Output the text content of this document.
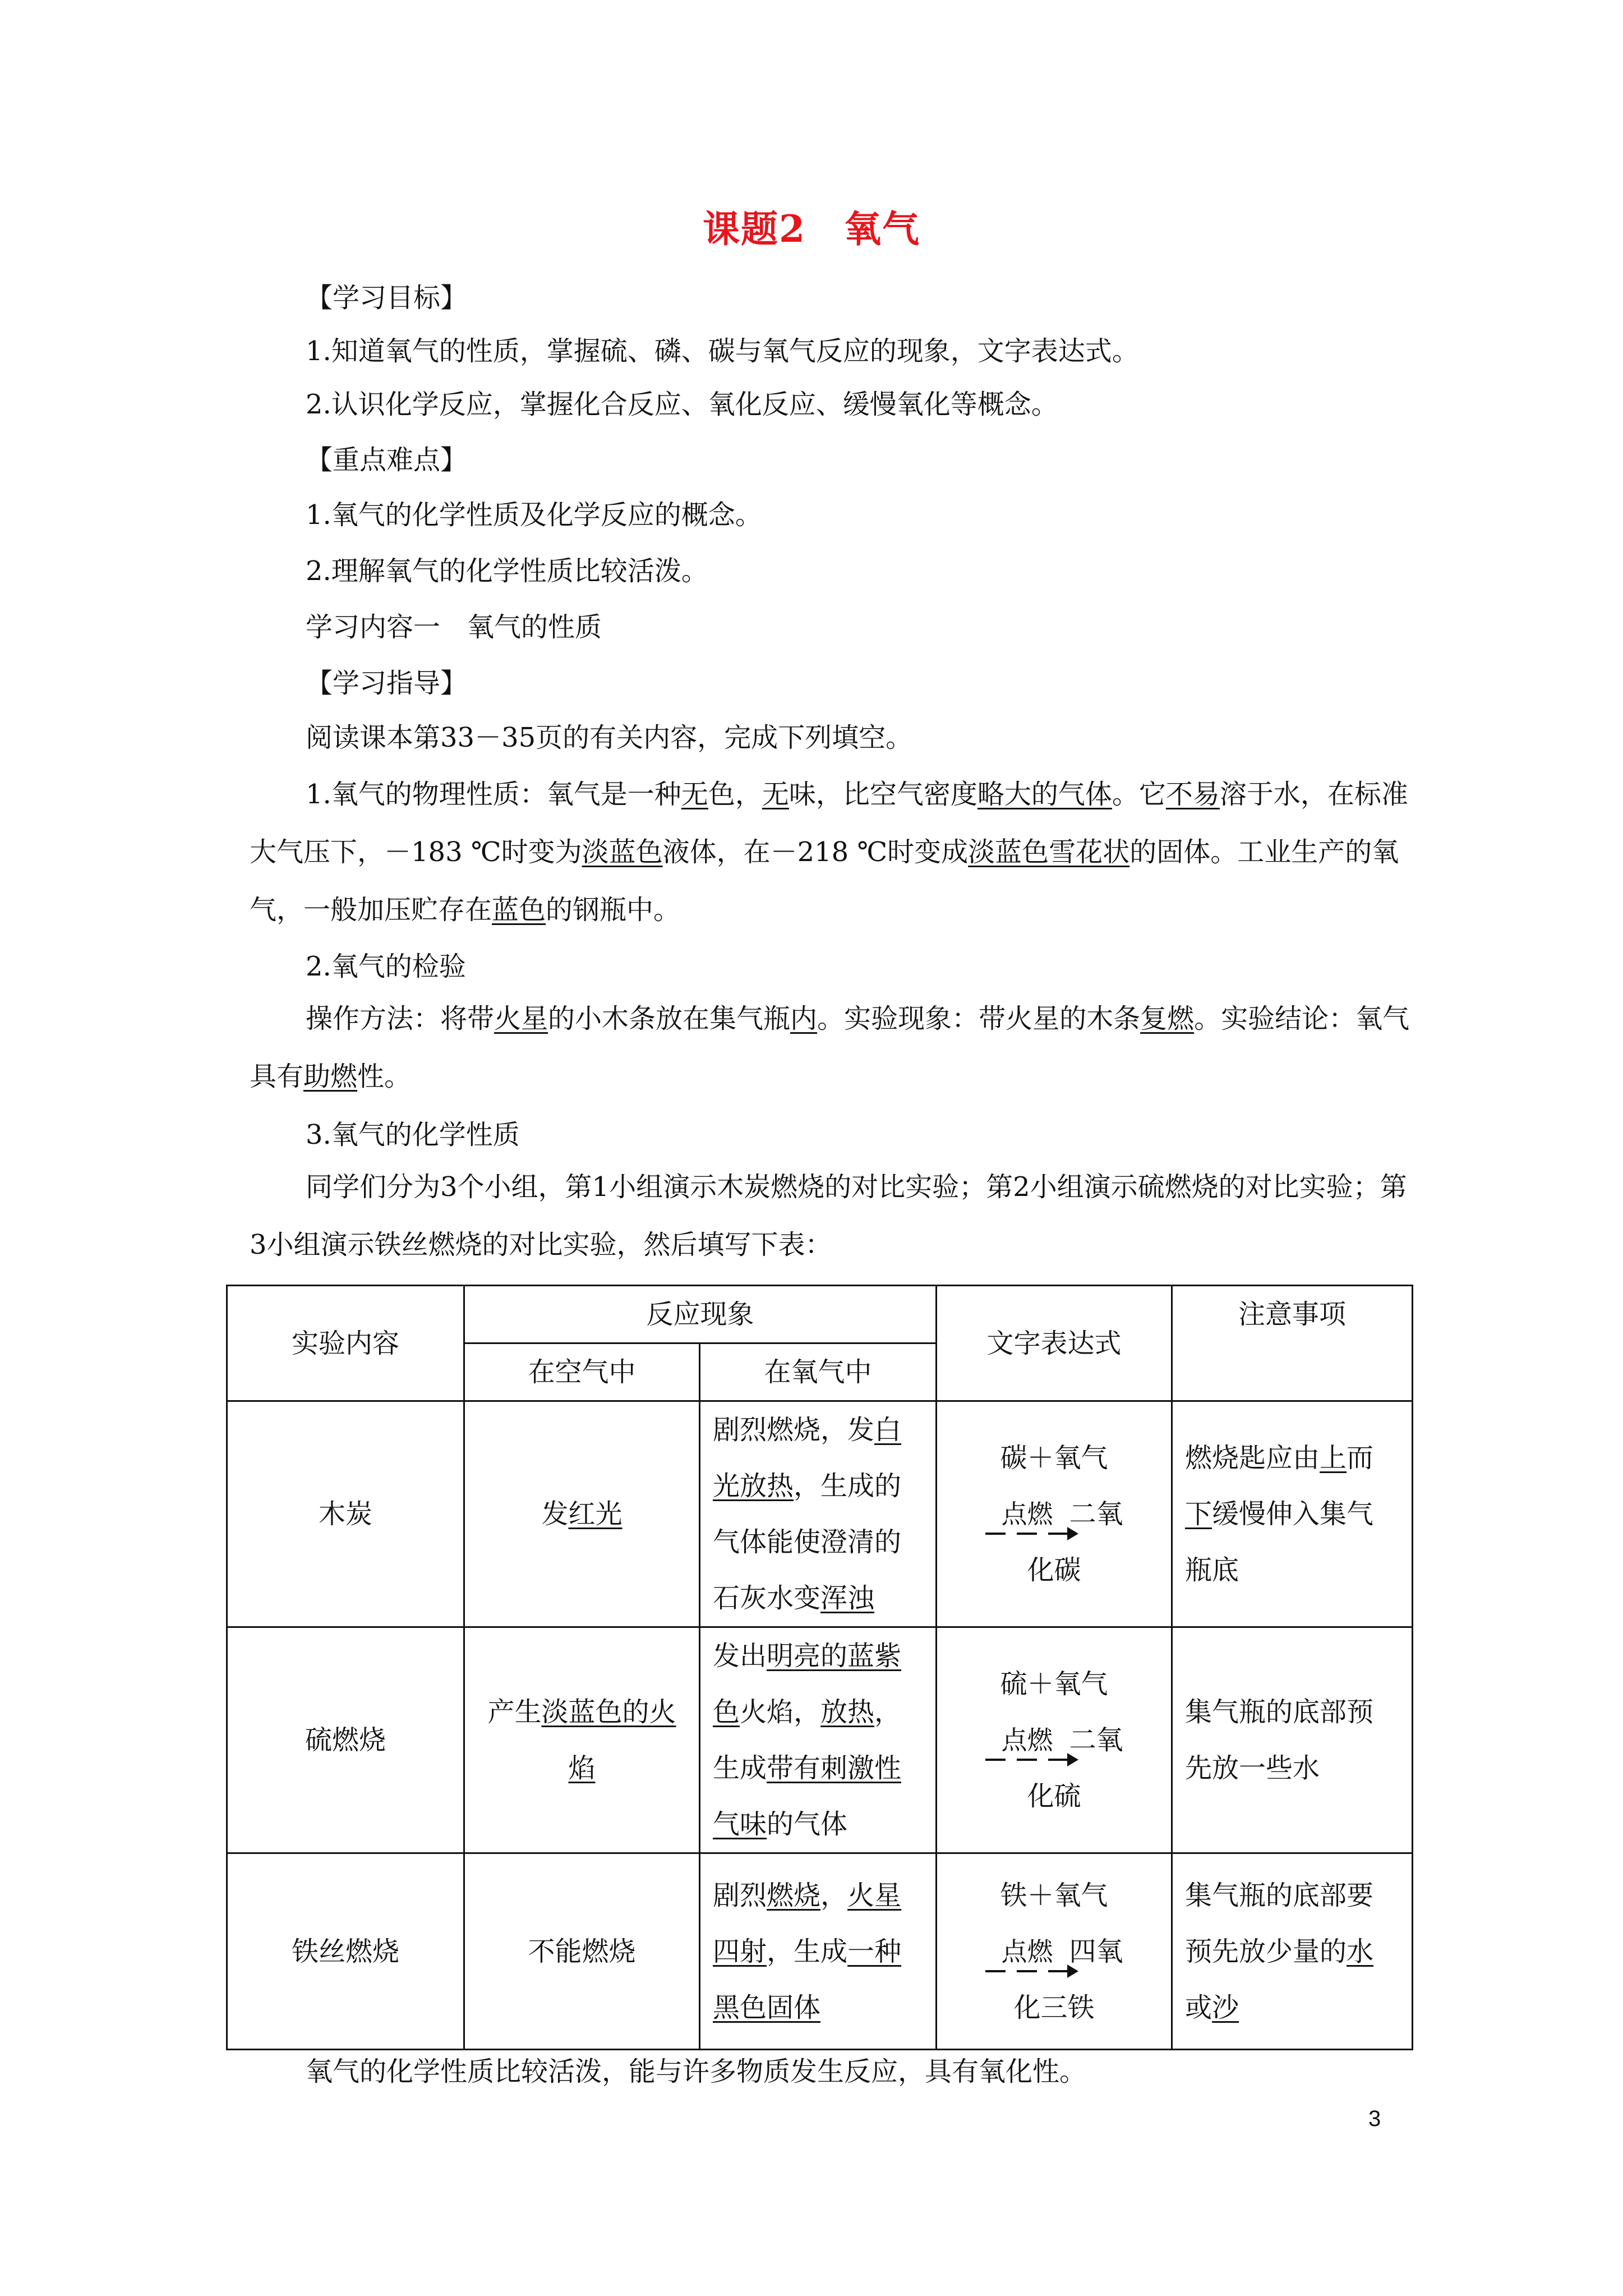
课题2　氧气
【学习目标】
1.知道氧气的性质，掌握硫、磷、碳与氧气反应的现象，文字表达式。
2.认识化学反应，掌握化合反应、氧化反应、缓慢氧化等概念。
【重点难点】
1.氧气的化学性质及化学反应的概念。
2.理解氧气的化学性质比较活泼。
学习内容一　氧气的性质
【学习指导】
阅读课本第33－35页的有关内容，完成下列填空。
1.氧气的物理性质：氧气是一种无色，无味，比空气密度略大的气体。它不易溶于水，在标准大气压下，－183 ℃时变为淡蓝色液体，在－218 ℃时变成淡蓝色雪花状的固体。工业生产的氧气，一般加压贮存在蓝色的钢瓶中。
2.氧气的检验
操作方法：将带火星的小木条放在集气瓶内。实验现象：带火星的木条复燃。实验结论：氧气具有助燃性。
3.氧气的化学性质
同学们分为3个小组，第1小组演示木炭燃烧的对比实验；第2小组演示硫燃烧的对比实验；第3小组演示铁丝燃烧的对比实验，然后填写下表：
实验内容	反应现象		文字表达式	注意事项
	在空气中	在氧气中		
木炭	发红光	剧烈燃烧，发白光放热，生成的气体能使澄清的石灰水变浑浊	碳＋氧气
点燃 二氧
化碳	燃烧匙应由上而下缓慢伸入集气瓶底
硫燃烧	产生淡蓝色的火焰	发出明亮的蓝紫色火焰，放热，生成带有刺激性气味的气体	硫＋氧气
点燃 二氧
化硫	集气瓶的底部预先放一些水
铁丝燃烧	不能燃烧	剧烈燃烧，火星四射，生成一种黑色固体	铁＋氧气
点燃 四氧
化三铁	集气瓶的底部要预先放少量的水或沙
氧气的化学性质比较活泼，能与许多物质发生反应，具有氧化性。
3
